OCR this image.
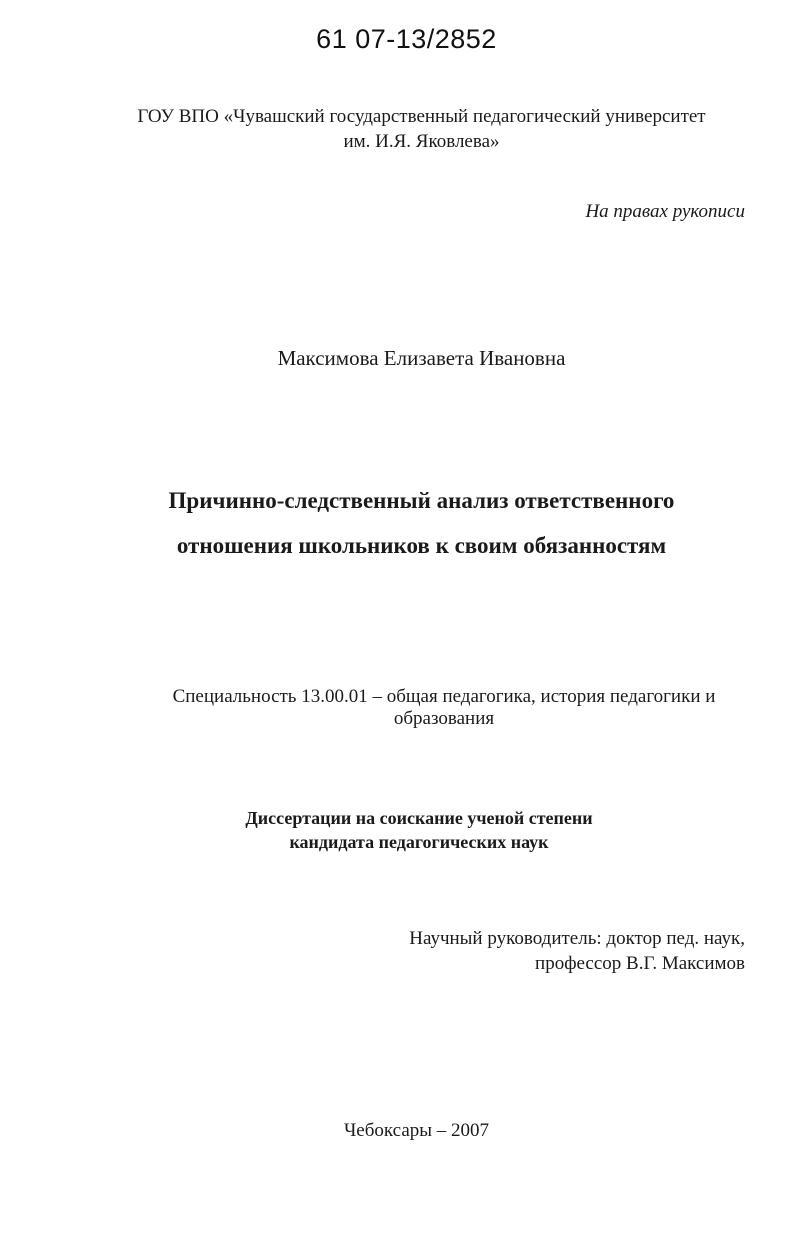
61 07-13/2852
ГОУ ВПО «Чувашский государственный педагогический университет
им. И.Я. Яковлева»
На правах рукописи
Максимова Елизавета Ивановна
Причинно-следственный анализ ответственного
отношения школьников к своим обязанностям
Специальность 13.00.01 – общая педагогика, история педагогики и
образования
Диссертации на соискание ученой степени
кандидата педагогических наук
Научный руководитель: доктор пед. наук,
профессор В.Г. Максимов
Чебоксары – 2007
